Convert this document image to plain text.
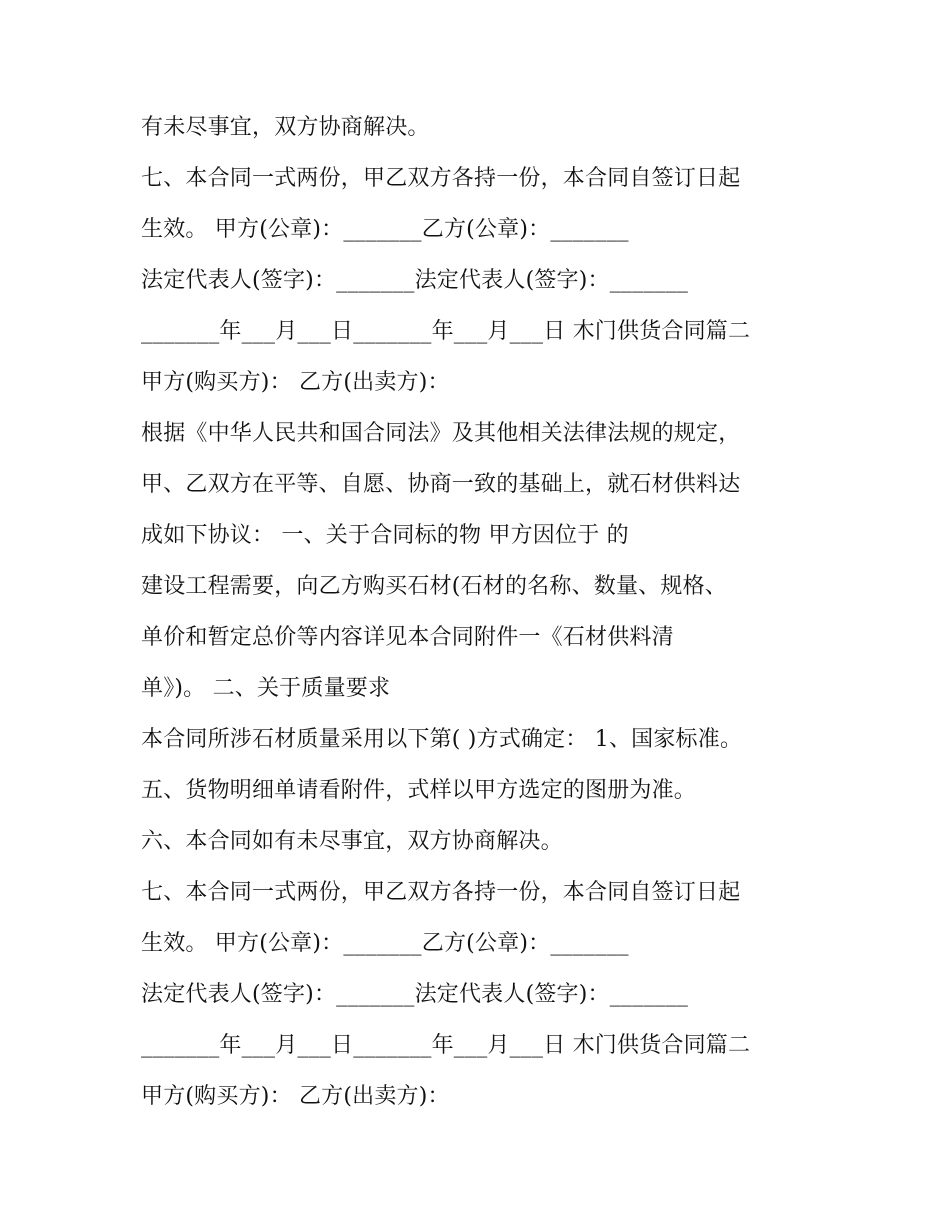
有未尽事宜，双方协商解决。
七、本合同一式两份，甲乙双方各持一份，本合同自签订日起
生效。 甲方(公章)：_______乙方(公章)：_______
法定代表人(签字)：_______法定代表人(签字)：_______
_______年___月___日_______年___月___日 木门供货合同篇二
甲方(购买方)： 乙方(出卖方)：
根据《中华人民共和国合同法》及其他相关法律法规的规定，
甲、乙双方在平等、自愿、协商一致的基础上，就石材供料达
成如下协议： 一、关于合同标的物 甲方因位于 的
建设工程需要，向乙方购买石材(石材的名称、数量、规格、
单价和暂定总价等内容详见本合同附件一《石材供料清
单》)。 二、关于质量要求
本合同所涉石材质量采用以下第( )方式确定： 1、国家标准。
五、货物明细单请看附件，式样以甲方选定的图册为准。
六、本合同如有未尽事宜，双方协商解决。
七、本合同一式两份，甲乙双方各持一份，本合同自签订日起
生效。 甲方(公章)：_______乙方(公章)：_______
法定代表人(签字)：_______法定代表人(签字)：_______
_______年___月___日_______年___月___日 木门供货合同篇二
甲方(购买方)： 乙方(出卖方)：
